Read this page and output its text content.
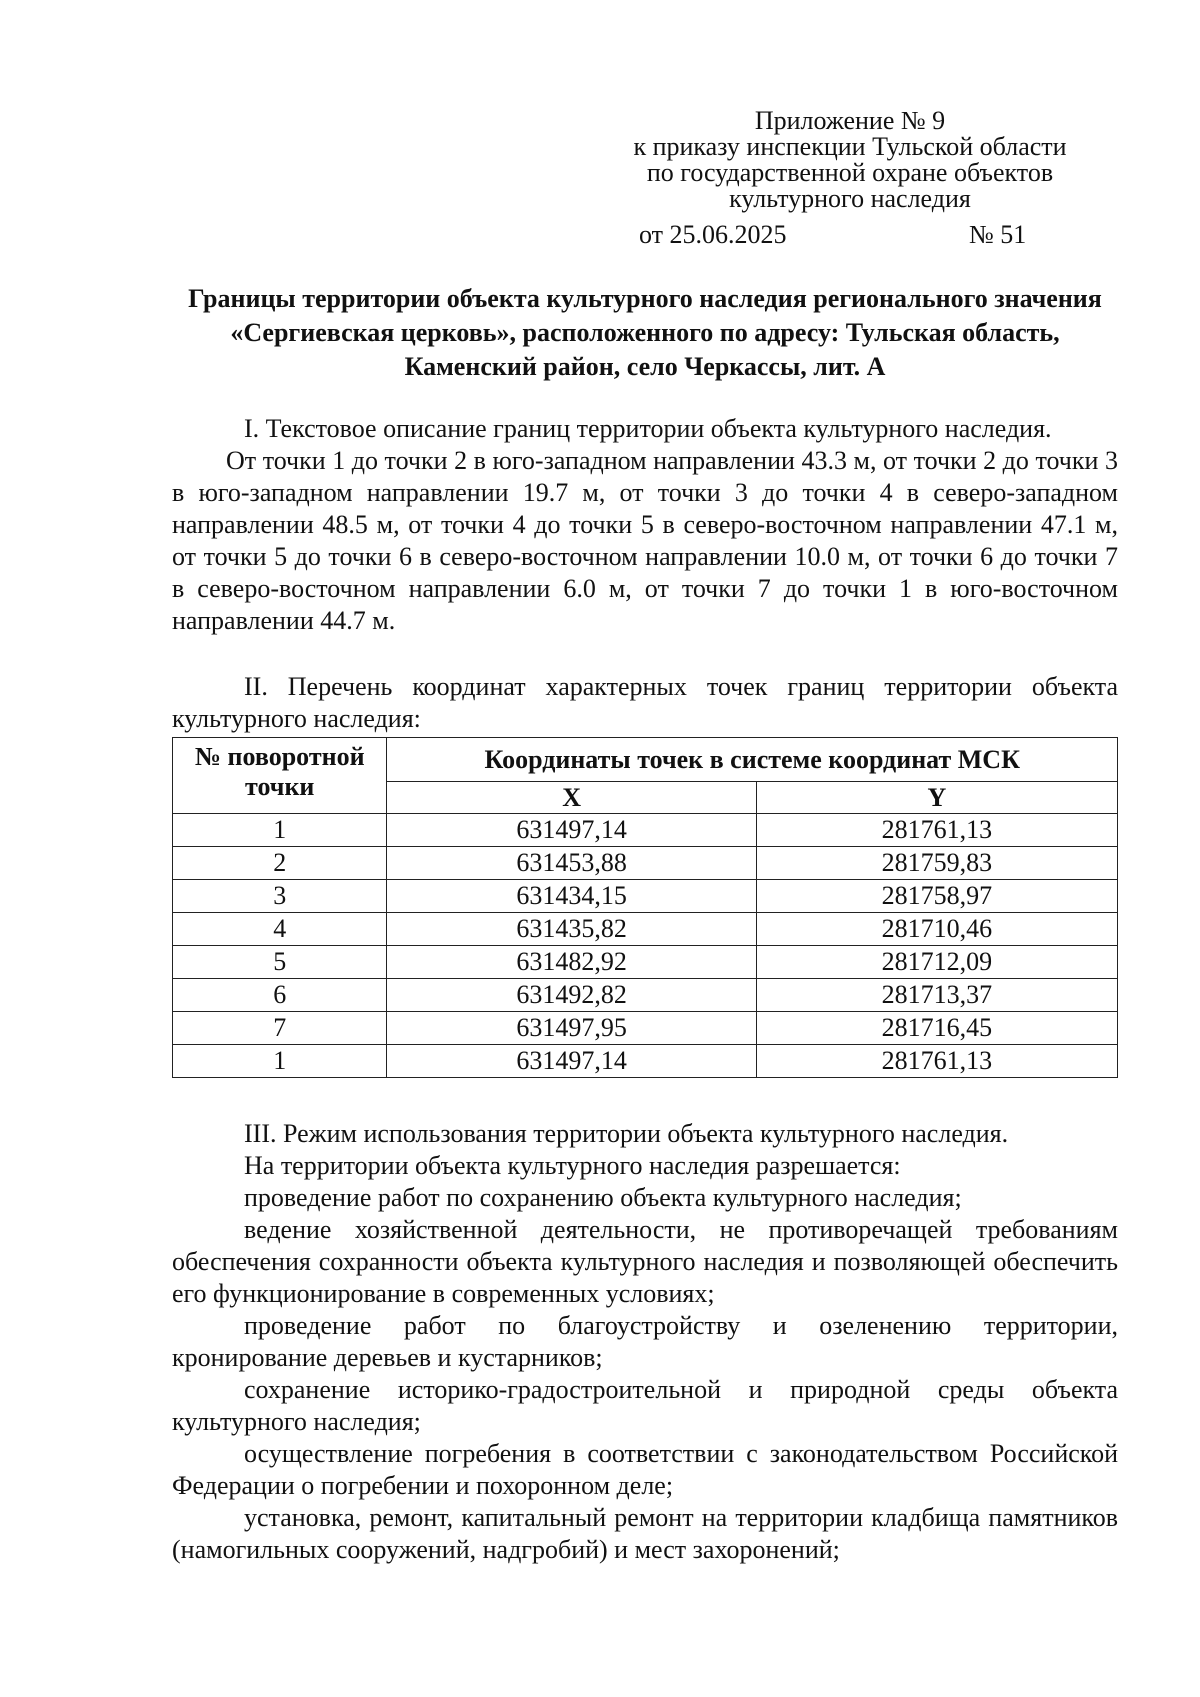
Приложение № 9
к приказу инспекции Тульской области
по государственной охране объектов
культурного наследия
от 25.06.2025	№ 51
Границы территории объекта культурного наследия регионального значения «Сергиевская церковь», расположенного по адресу: Тульская область, Каменский район, село Черкассы, лит. А

I. Текстовое описание границ территории объекта культурного наследия.

От точки 1 до точки 2 в юго-западном направлении 43.3 м, от точки 2 до точки 3 в юго-западном направлении 19.7 м, от точки 3 до точки 4 в северо-западном направлении 48.5 м, от точки 4 до точки 5 в северо-восточном направлении 47.1 м, от точки 5 до точки 6 в северо-восточном направлении 10.0 м, от точки 6 до точки 7 в северо-восточном направлении 6.0 м, от точки 7 до точки 1 в юго-восточном направлении 44.7 м.

II. Перечень координат характерных точек границ территории объекта культурного наследия:

№ поворотной точки	Координаты точек в системе координат МСК	
	X	Y
1	631497,14	281761,13
2	631453,88	281759,83
3	631434,15	281758,97
4	631435,82	281710,46
5	631482,92	281712,09
6	631492,82	281713,37
7	631497,95	281716,45
1	631497,14	281761,13

III. Режим использования территории объекта культурного наследия.

На территории объекта культурного наследия разрешается:

проведение работ по сохранению объекта культурного наследия;

ведение хозяйственной деятельности, не противоречащей требованиям обеспечения сохранности объекта культурного наследия и позволяющей обеспечить его функционирование в современных условиях;

проведение работ по благоустройству и озеленению территории, кронирование деревьев и кустарников;

сохранение историко-градостроительной и природной среды объекта культурного наследия;

осуществление погребения в соответствии с законодательством Российской Федерации о погребении и похоронном деле;

установка, ремонт, капитальный ремонт на территории кладбища памятников (намогильных сооружений, надгробий) и мест захоронений;
